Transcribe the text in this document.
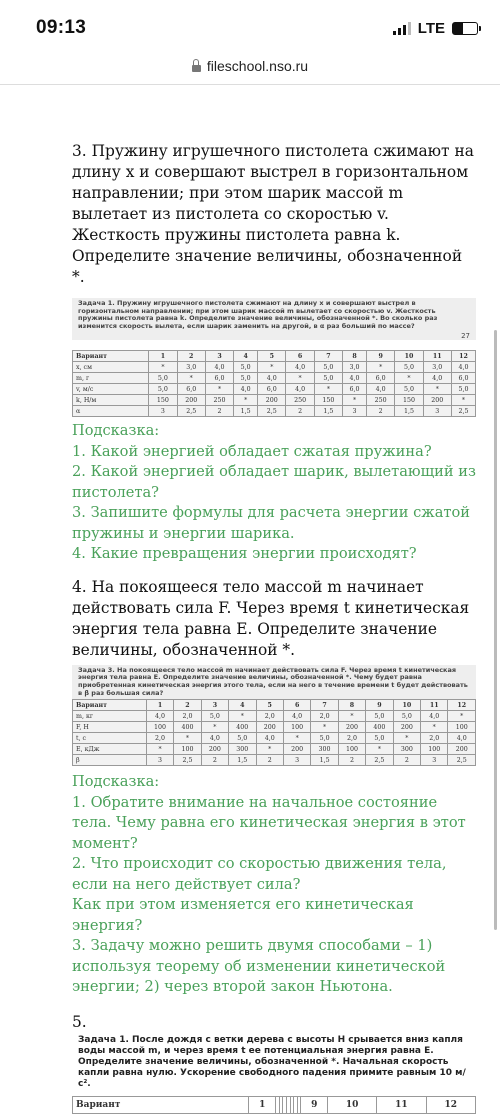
09:13	LTE
fileschool.nso.ru

3. Пружину игрушечного пистолета сжимают на длину x и совершают выстрел в горизонтальном направлении; при этом шарик массой m вылетает из пистолета со скоростью v. Жесткость пружины пистолета равна k. Определите значение величины, обозначенной *.

Задача 1. Пружину игрушечного пистолета сжимают на длину x и совершают выстрел в горизонтальном направлении; при этом шарик массой m вылетает со скоростью v. Жесткость пружины пистолета равна k. Определите значение величины, обозначенной *. Во сколько раз изменится скорость вылета, если шарик заменить на другой, в α раз больший по массе?
27
Вариант	1	2	3	4	5	6	7	8	9	10	11	12
x, см	*	3,0	4,0	5,0	*	4,0	5,0	3,0	*	5,0	3,0	4,0
m, г	5,0	*	6,0	5,0	4,0	*	5,0	4,0	6,0	*	4,0	6,0
v, м/с	5,0	6,0	*	4,0	6,0	4,0	*	6,0	4,0	5,0	*	5,0
k, Н/м	150	200	250	*	200	250	150	*	250	150	200	*
α	3	2,5	2	1,5	2,5	2	1,5	3	2	1,5	3	2,5

Подсказка:

1. Какой энергией обладает сжатая пружина?

2. Какой энергией обладает шарик, вылетающий из пистолета?

3. Запишите формулы для расчета энергии сжатой пружины и энергии шарика.

4. Какие превращения энергии происходят?

4. На покоящееся тело массой m начинает действовать сила F. Через время t кинетическая энергия тела равна E. Определите значение величины, обозначенной *.

Задача 3. На покоящееся тело массой m начинает действовать сила F. Через время t кинетическая энергия тела равна E. Определите значение величины, обозначенной *. Чему будет равна приобретенная кинетическая энергия этого тела, если на него в течение времени t будет действовать в β раз большая сила?
Вариант	1	2	3	4	5	6	7	8	9	10	11	12
m, кг	4,0	2,0	5,0	*	2,0	4,0	2,0	*	5,0	5,0	4,0	*
F, Н	100	400	*	400	200	100	*	200	400	200	*	100
t, с	2,0	*	4,0	5,0	4,0	*	5,0	2,0	5,0	*	2,0	4,0
E, кДж	*	100	200	300	*	200	300	100	*	300	100	200
β	3	2,5	2	1,5	2	3	1,5	2	2,5	2	3	2,5

Подсказка:

1. Обратите внимание на начальное состояние тела. Чему равна его кинетическая энергия в этот момент?

2. Что происходит со скоростью движения тела, если на него действует сила?

Как при этом изменяется его кинетическая энергия?

3. Задачу можно решить двумя способами – 1) используя теорему об изменении кинетической энергии; 2) через второй закон Ньютона.

5.

Задача 1. После дождя с ветки дерева с высоты H срывается вниз капля воды массой m, и через время t ее потенциальная энергия равна E. Определите значение величины, обозначенной *. Начальная скорость капли равна нулю. Ускорение свободного падения примите равным 10 м/с².
Вариант	1								9	10	11	12
